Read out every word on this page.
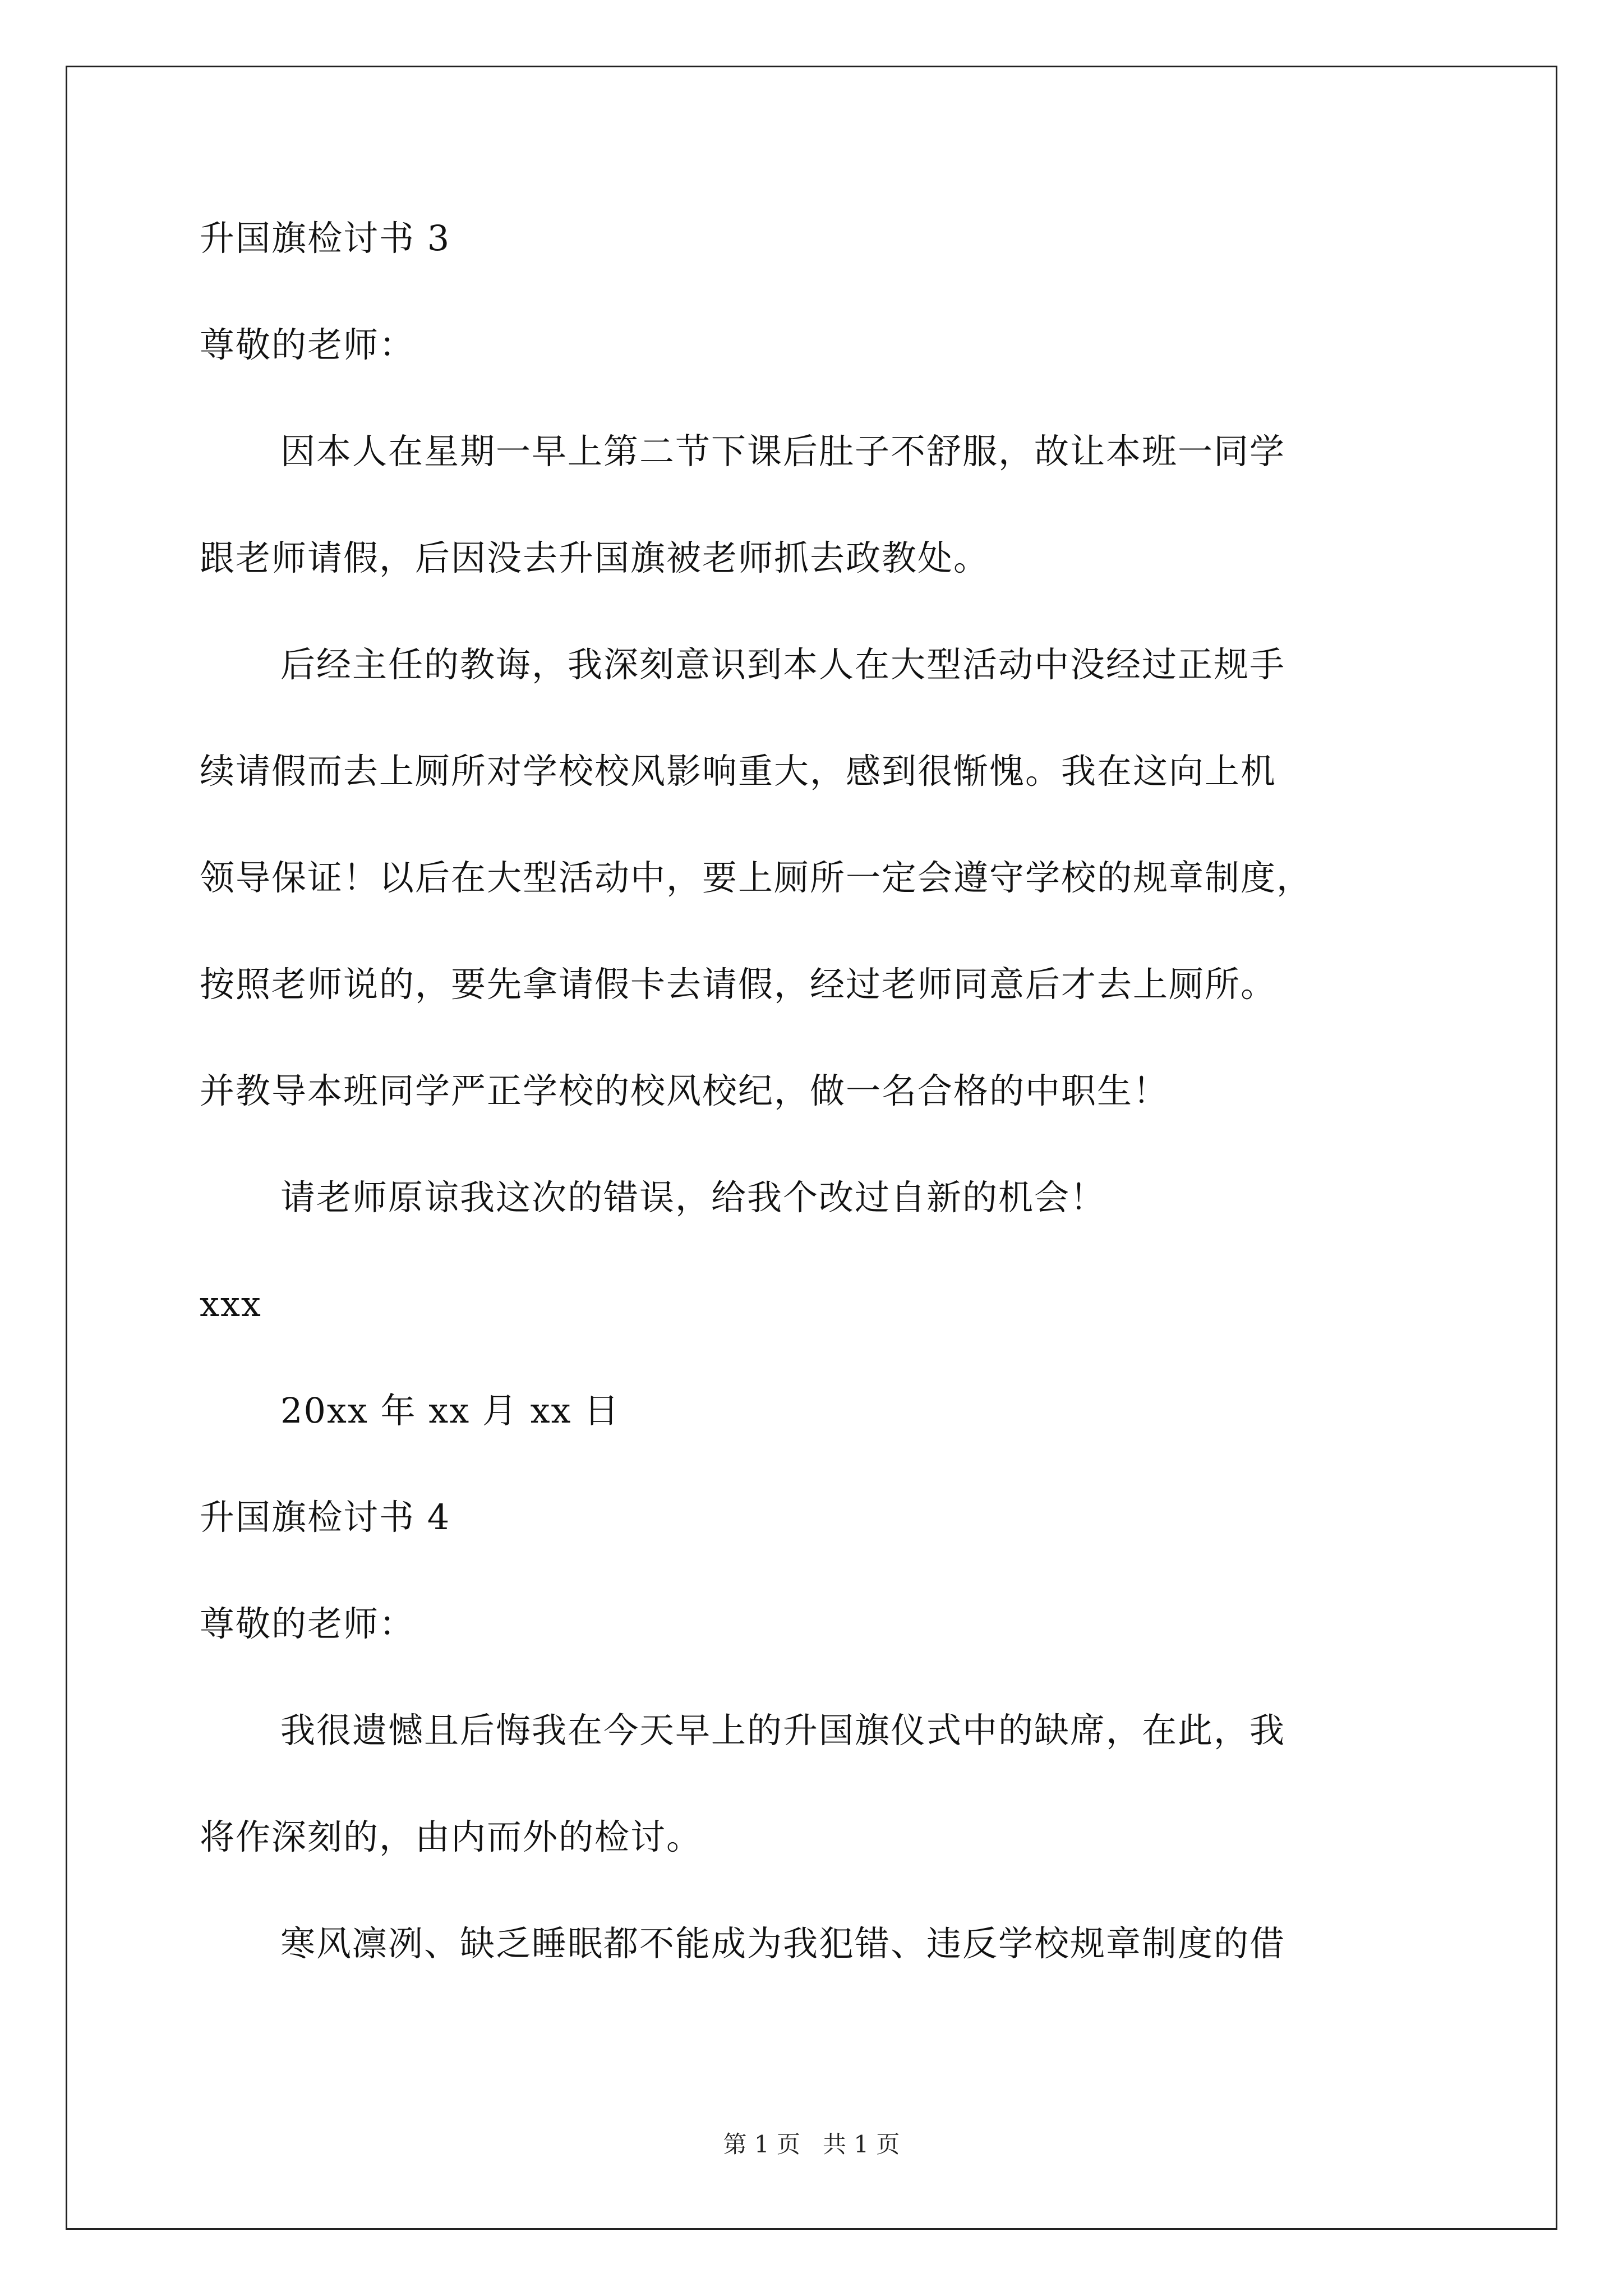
升国旗检讨书 3
尊敬的老师：
因本人在星期一早上第二节下课后肚子不舒服，故让本班一同学
跟老师请假，后因没去升国旗被老师抓去政教处。
后经主任的教诲，我深刻意识到本人在大型活动中没经过正规手
续请假而去上厕所对学校校风影响重大，感到很惭愧。我在这向上机
领导保证！以后在大型活动中，要上厕所一定会遵守学校的规章制度，
按照老师说的，要先拿请假卡去请假，经过老师同意后才去上厕所。
并教导本班同学严正学校的校风校纪，做一名合格的中职生！
请老师原谅我这次的错误，给我个改过自新的机会！
xxx
20xx 年 xx 月 xx 日
升国旗检讨书 4
尊敬的老师：
我很遗憾且后悔我在今天早上的升国旗仪式中的缺席，在此，我
将作深刻的，由内而外的检讨。
寒风凛冽、缺乏睡眠都不能成为我犯错、违反学校规章制度的借
第 1 页 共 1 页
